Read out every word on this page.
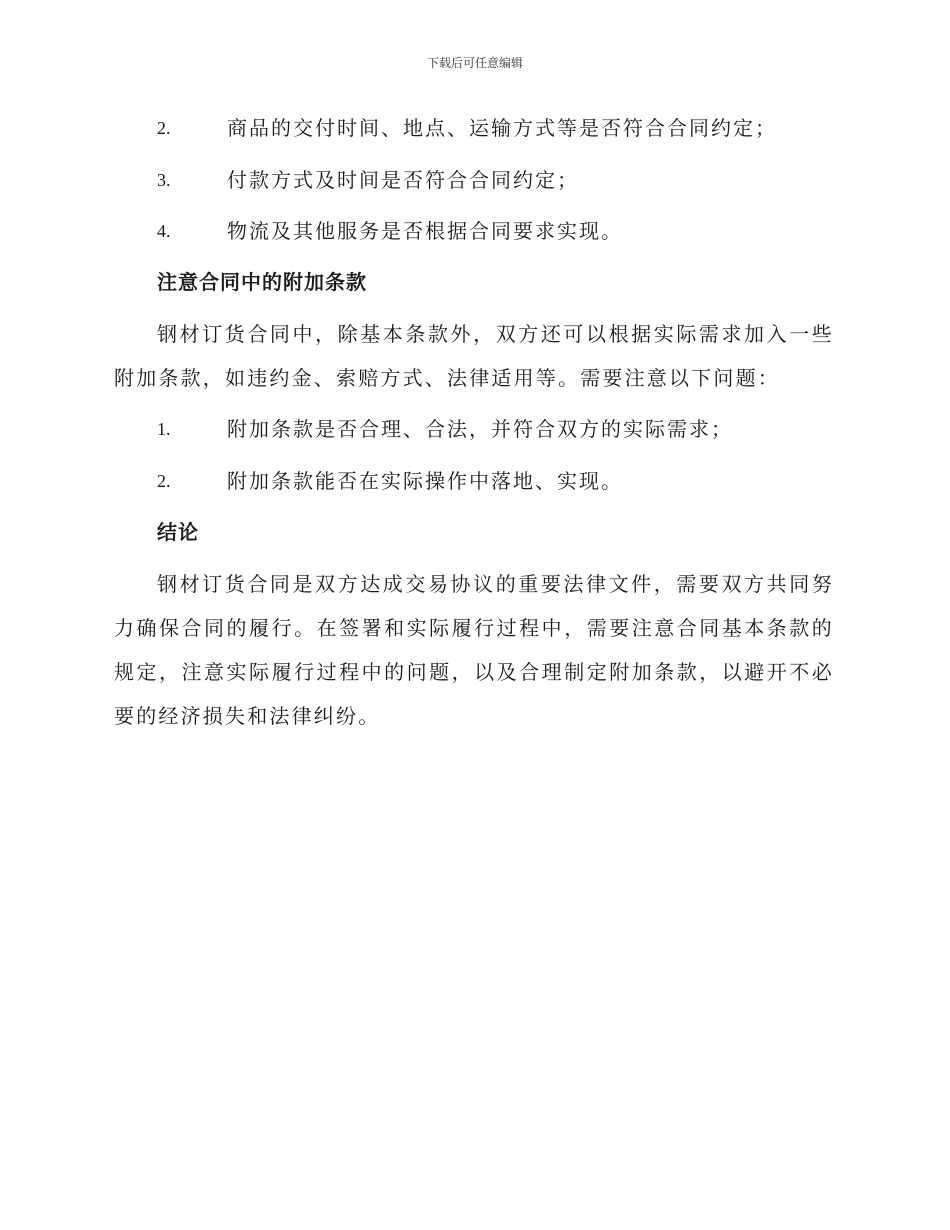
下载后可任意编辑
2.	商品的交付时间、地点、运输方式等是否符合合同约定；
3.	付款方式及时间是否符合合同约定；
4.	物流及其他服务是否根据合同要求实现。
注意合同中的附加条款
钢材订货合同中，除基本条款外，双方还可以根据实际需求加入一些附加条款，如违约金、索赔方式、法律适用等。需要注意以下问题：
1.	附加条款是否合理、合法，并符合双方的实际需求；
2.	附加条款能否在实际操作中落地、实现。
结论
钢材订货合同是双方达成交易协议的重要法律文件，需要双方共同努力确保合同的履行。在签署和实际履行过程中，需要注意合同基本条款的规定，注意实际履行过程中的问题，以及合理制定附加条款，以避开不必要的经济损失和法律纠纷。
